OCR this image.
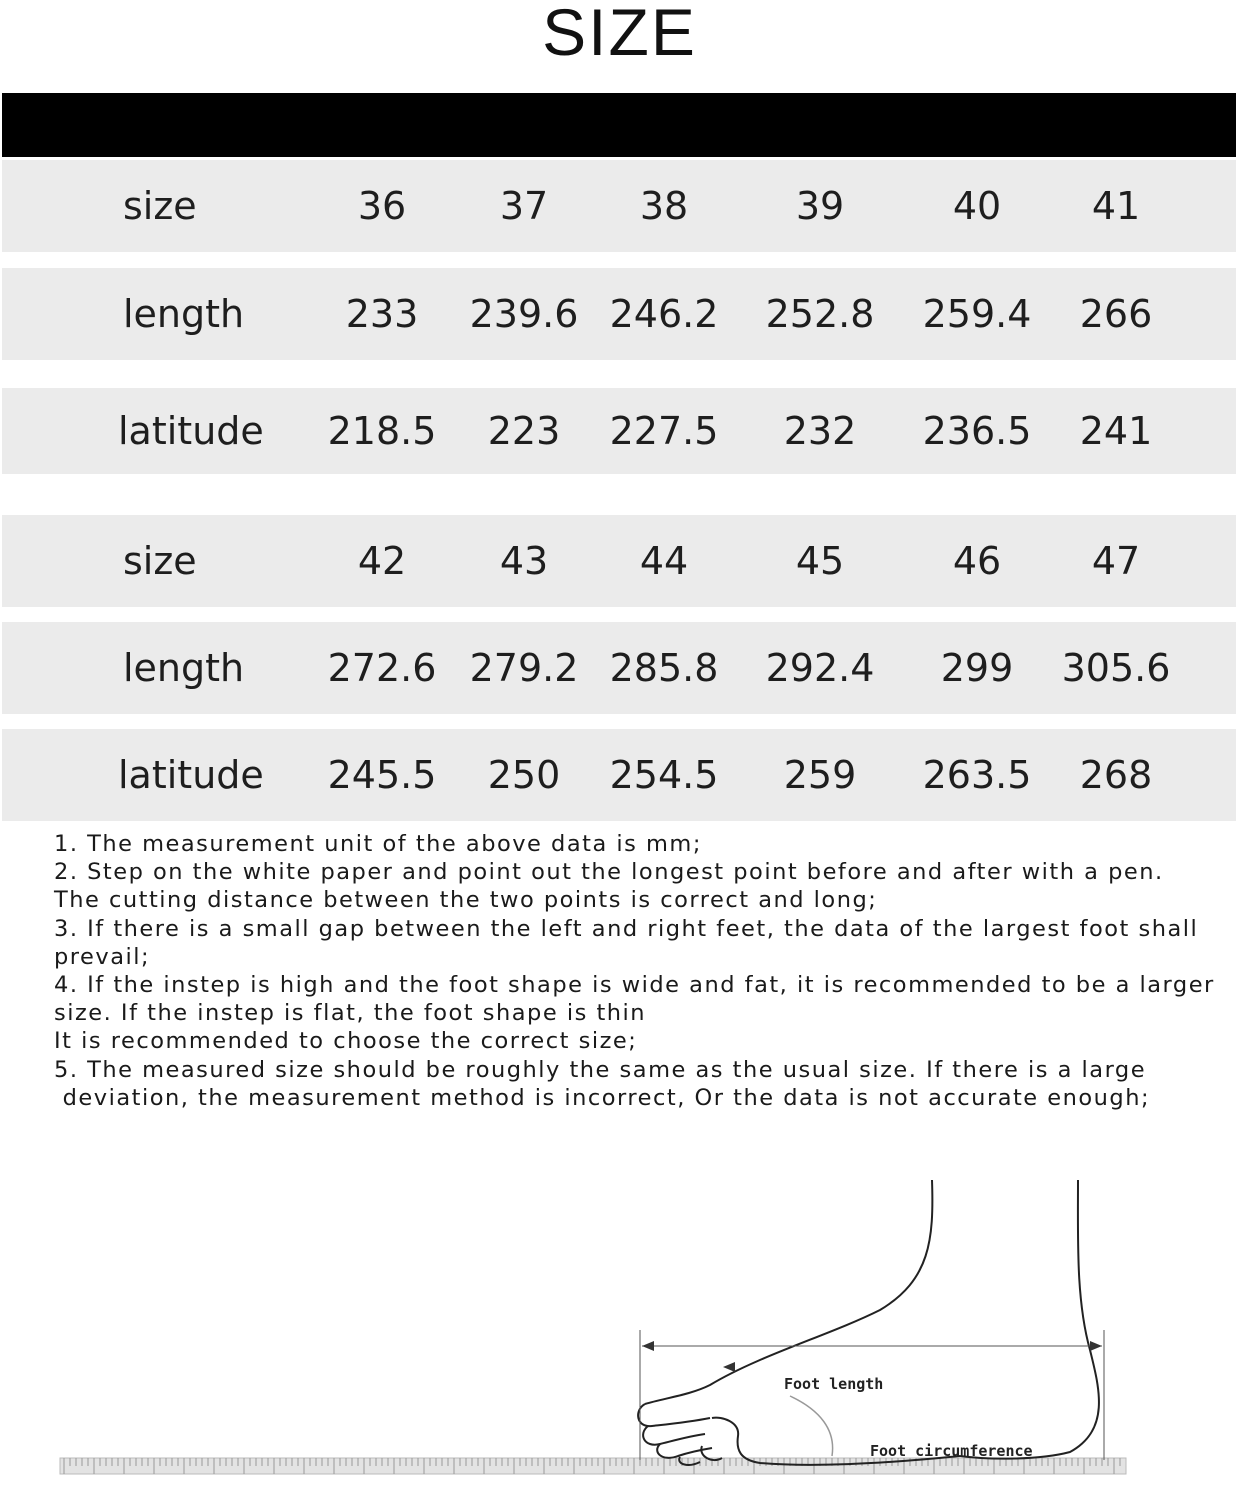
SIZE
size	36 37 38	39	40 41
length	233 239.6 246.2 252.8 259.4 266
latitude 218.5 223 227.5 232 236.5 241
size	42 43 44	45	46 47
length 272.6 279.2 285.8 292.4 299 305.6
latitude 245.5 250 254.5 259 263.5 268
1. The measurement unit of the above data is mm;
2. Step on the white paper and point out the longest point before and after with a pen.
The cutting distance between the two points is correct and long;
3. If there is a small gap between the left and right feet, the data of the largest foot shall
prevail;
4. If the instep is high and the foot shape is wide and fat, it is recommended to be a larger
size. If the instep is flat, the foot shape is thin
It is recommended to choose the correct size;
5. The measured size should be roughly the same as the usual size. If there is a large
deviation, the measurement method is incorrect, Or the data is not accurate enough;
Foot length
Foot circumference
